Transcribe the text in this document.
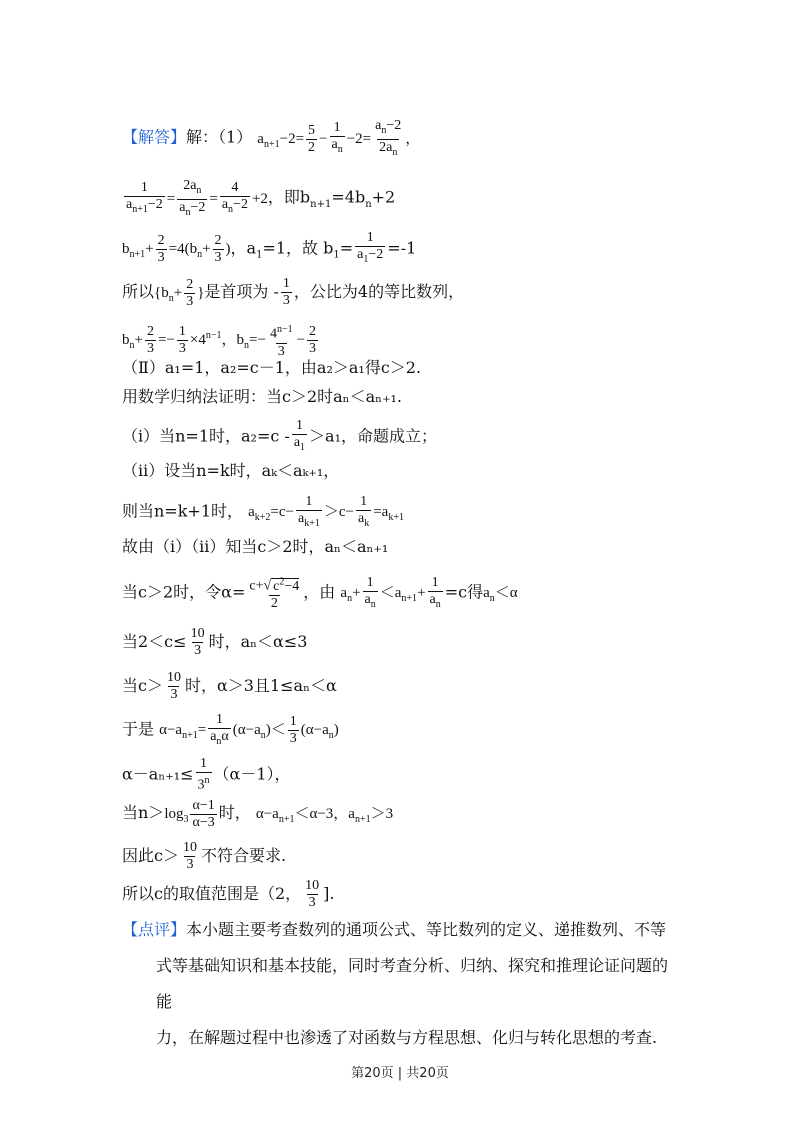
【解答】解：（1） $a_{n+1}-2= \frac{5}{2} - \frac{1}{a_n} -2= \frac{a_n-2}{2a_n}$ ，
$\frac{1}{a_{n+1}-2} = \frac{2a_n}{a_n-2} = \frac{4}{a_n-2} +2$，即$b_{n+1}=4b_n+2$
$b_{n+1}+ \frac{2}{3} =4(b_n+ \frac{2}{3}$ )，$a_1=1$，故 $b_1= \frac{1}{a_1-2} =-1$
所以{$b_n+ \frac{2}{3}$ }是首项为 - $\frac{1}{3}$ ，公比为4的等比数列，
$b_n+ \frac{2}{3} =- \frac{1}{3} \times 4^{n-1}$，$b_n=- \frac{4^{n-1}}{3} - \frac{2}{3}$
（Ⅱ）a₁=1，a₂=c－1，由a₂＞a₁得c＞2.
用数学归纳法证明：当c＞2时aₙ＜aₙ₊₁.
（ⅰ）当n=1时，$a_2=c - \frac{1}{a_1} >a_1$，命题成立；
（ⅱ）设当n=k时，aₖ＜aₖ₊₁，
则当n=k+1时， $a_{k+2}=c- \frac{1}{a_{k+1}} >c- \frac{1}{a_k} =a_{k+1}$
故由（ⅰ）（ⅱ）知当c＞2时，aₙ＜aₙ₊₁
当c＞2时，令$\alpha= \frac{c+√ c^2-4}{2}$ ，由 $a_n+ \frac{1}{a_n} <a_{n+1}+ \frac{1}{a_n} =c$得$a_n<\alpha$
当$2<c\le \frac{10}{3}$ 时，aₙ＜α≤3
当$c> \frac{10}{3}$ 时，α＞3且1≤aₙ＜α
于是 $\alpha-a_{n+1}= \frac{1}{a_n\alpha} (\alpha-a_n)< \frac{1}{3} (\alpha-a_n)$
$\alpha-a_{n+1}\le \frac{1}{3^n} (\alpha-1)$，
当$n>\log_3 \frac{\alpha-1}{\alpha-3}$ 时， $\alpha-a_{n+1}<\alpha-3$，$a_{n+1}>3$
因此$c> \frac{10}{3}$ 不符合要求.
所以c的取值范围是（2， $\frac{10}{3}$ ].
【点评】本小题主要考查数列的通项公式、等比数列的定义、递推数列、不等
式等基础知识和基本技能，同时考查分析、归纳、探究和推理论证问题的能
力，在解题过程中也渗透了对函数与方程思想、化归与转化思想的考查.
第20页 | 共20页
